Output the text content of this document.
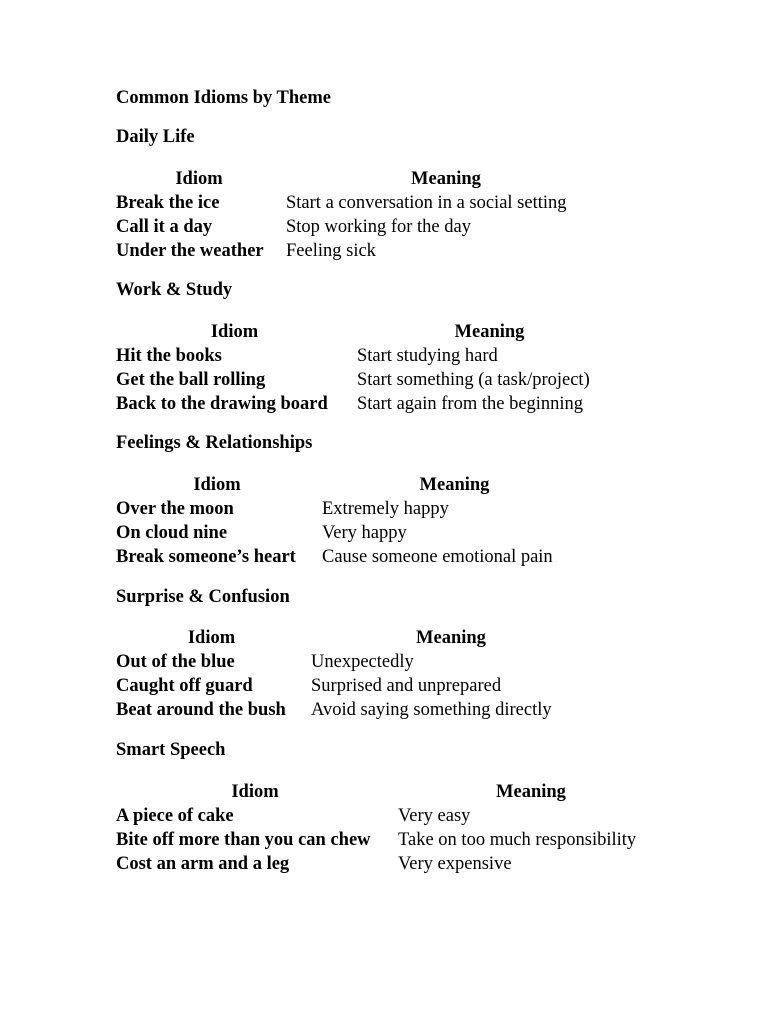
Common Idioms by Theme
Daily Life
Idiom	Meaning
Break the ice	Start a conversation in a social setting
Call it a day	Stop working for the day
Under the weather	Feeling sick
Work & Study
Idiom	Meaning
Hit the books	Start studying hard
Get the ball rolling	Start something (a task/project)
Back to the drawing board	Start again from the beginning
Feelings & Relationships
Idiom	Meaning
Over the moon	Extremely happy
On cloud nine	Very happy
Break someone’s heart	Cause someone emotional pain
Surprise & Confusion
Idiom	Meaning
Out of the blue	Unexpectedly
Caught off guard	Surprised and unprepared
Beat around the bush	Avoid saying something directly
Smart Speech
Idiom	Meaning
A piece of cake	Very easy
Bite off more than you can chew	Take on too much responsibility
Cost an arm and a leg	Very expensive
